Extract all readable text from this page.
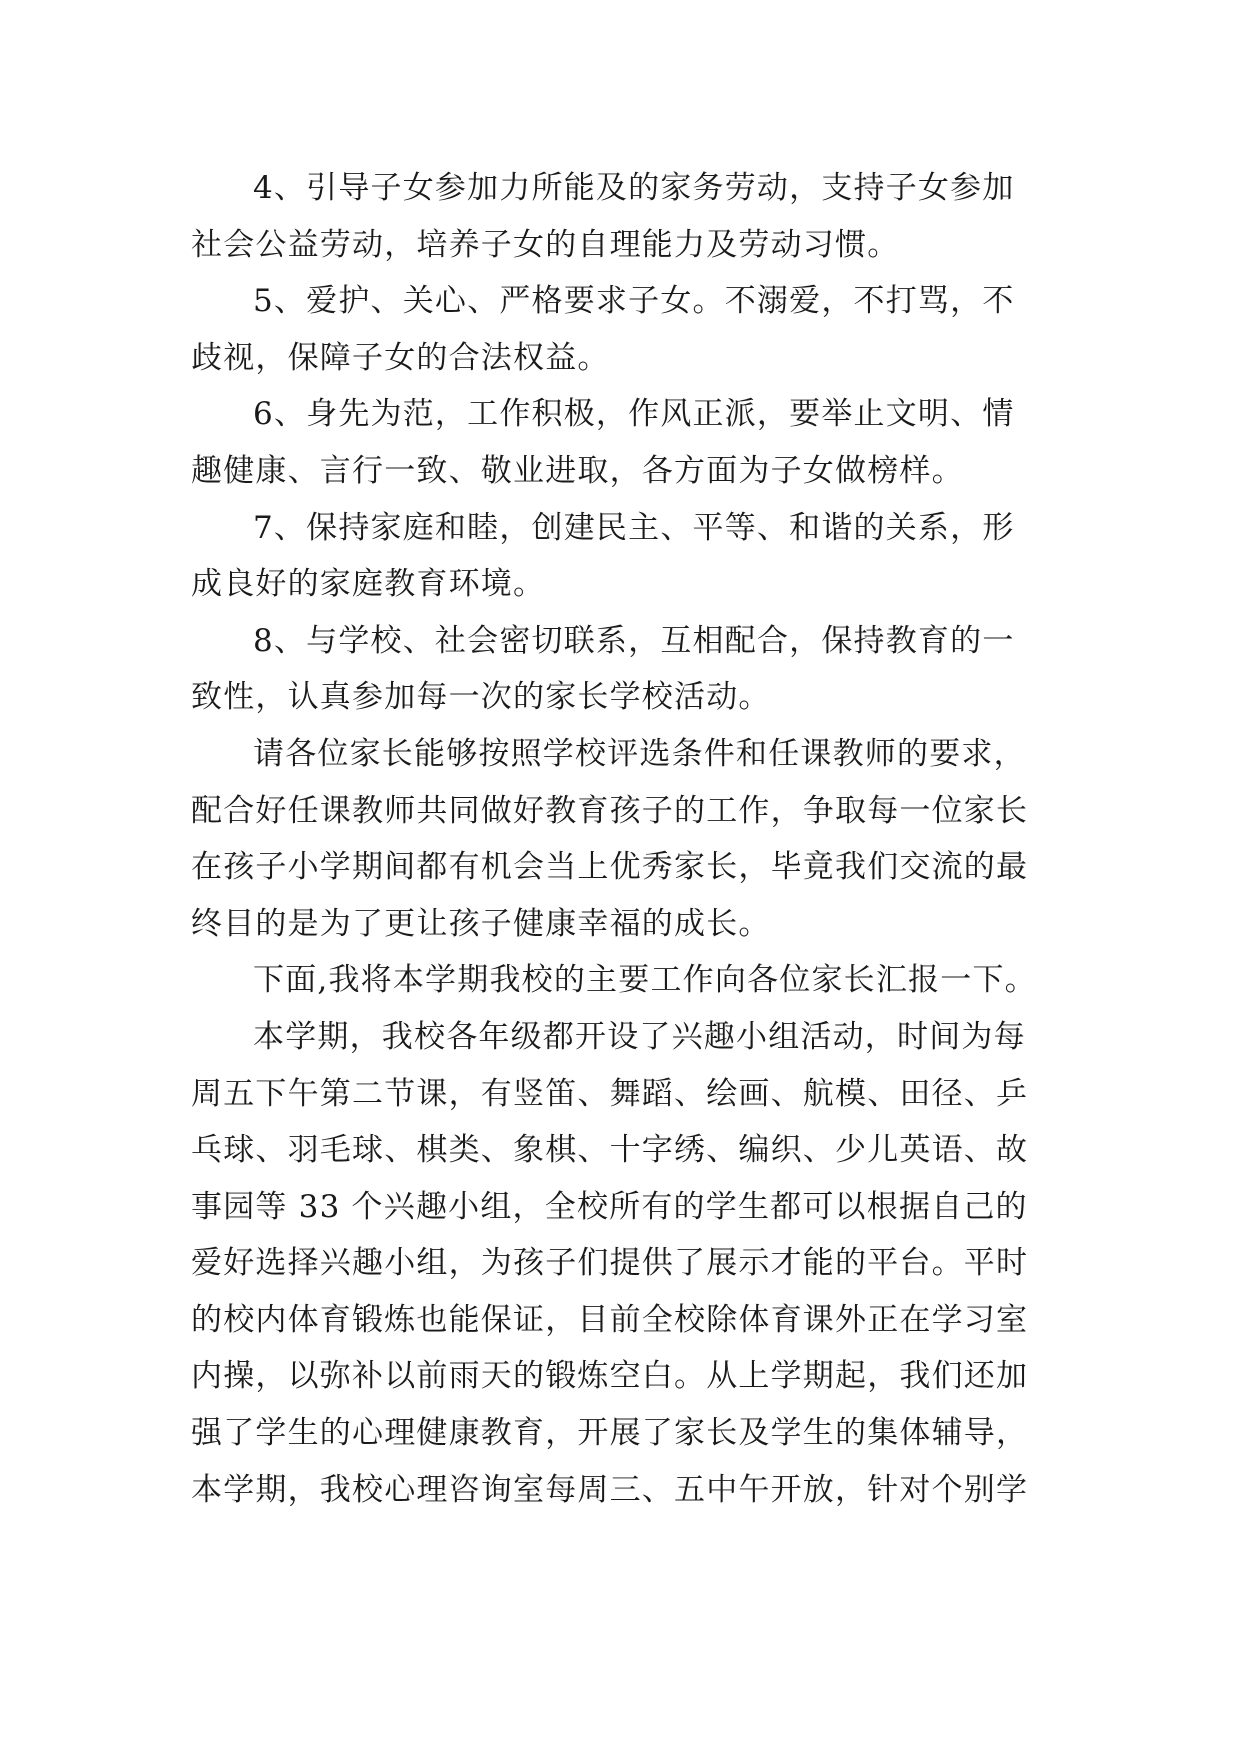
4、引导子女参加力所能及的家务劳动，支持子女参加
社会公益劳动，培养子女的自理能力及劳动习惯。
5、爱护、关心、严格要求子女。不溺爱，不打骂，不
歧视，保障子女的合法权益。
6、身先为范，工作积极，作风正派，要举止文明、情
趣健康、言行一致、敬业进取，各方面为子女做榜样。
7、保持家庭和睦，创建民主、平等、和谐的关系，形
成良好的家庭教育环境。
8、与学校、社会密切联系，互相配合，保持教育的一
致性，认真参加每一次的家长学校活动。
请各位家长能够按照学校评选条件和任课教师的要求，
配合好任课教师共同做好教育孩子的工作，争取每一位家长
在孩子小学期间都有机会当上优秀家长，毕竟我们交流的最
终目的是为了更让孩子健康幸福的成长。
下面,我将本学期我校的主要工作向各位家长汇报一下。
本学期，我校各年级都开设了兴趣小组活动，时间为每
周五下午第二节课，有竖笛、舞蹈、绘画、航模、田径、乒
乓球、羽毛球、棋类、象棋、十字绣、编织、少儿英语、故
事园等 33 个兴趣小组，全校所有的学生都可以根据自己的
爱好选择兴趣小组，为孩子们提供了展示才能的平台。平时
的校内体育锻炼也能保证，目前全校除体育课外正在学习室
内操，以弥补以前雨天的锻炼空白。从上学期起，我们还加
强了学生的心理健康教育，开展了家长及学生的集体辅导，
本学期，我校心理咨询室每周三、五中午开放，针对个别学
